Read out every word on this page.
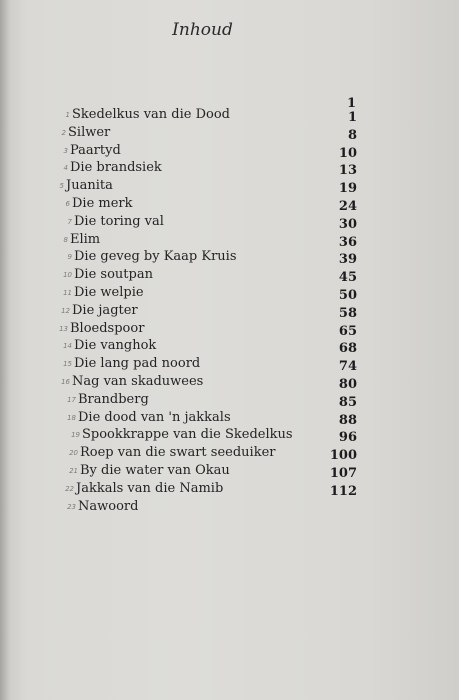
Inhoud
1
1 Skedelkus van die Dood	1
2 Silwer	8
3 Paartyd	10
4 Die brandsiek	13
5 Juanita	19
6 Die merk	24
7 Die toring val	30
8 Elim	36
9 Die geveg by Kaap Kruis	39
10 Die soutpan	45
11 Die welpie	50
12 Die jagter	58
13 Bloedspoor	65
14 Die vanghok	68
15 Die lang pad noord	74
16 Nag van skaduwees	80
17 Brandberg	85
18 Die dood van 'n jakkals	88
19 Spookkrappe van die Skedelkus	96
20 Roep van die swart seeduiker	100
21 By die water van Okau	107
22 Jakkals van die Namib	112
23 Nawoord
